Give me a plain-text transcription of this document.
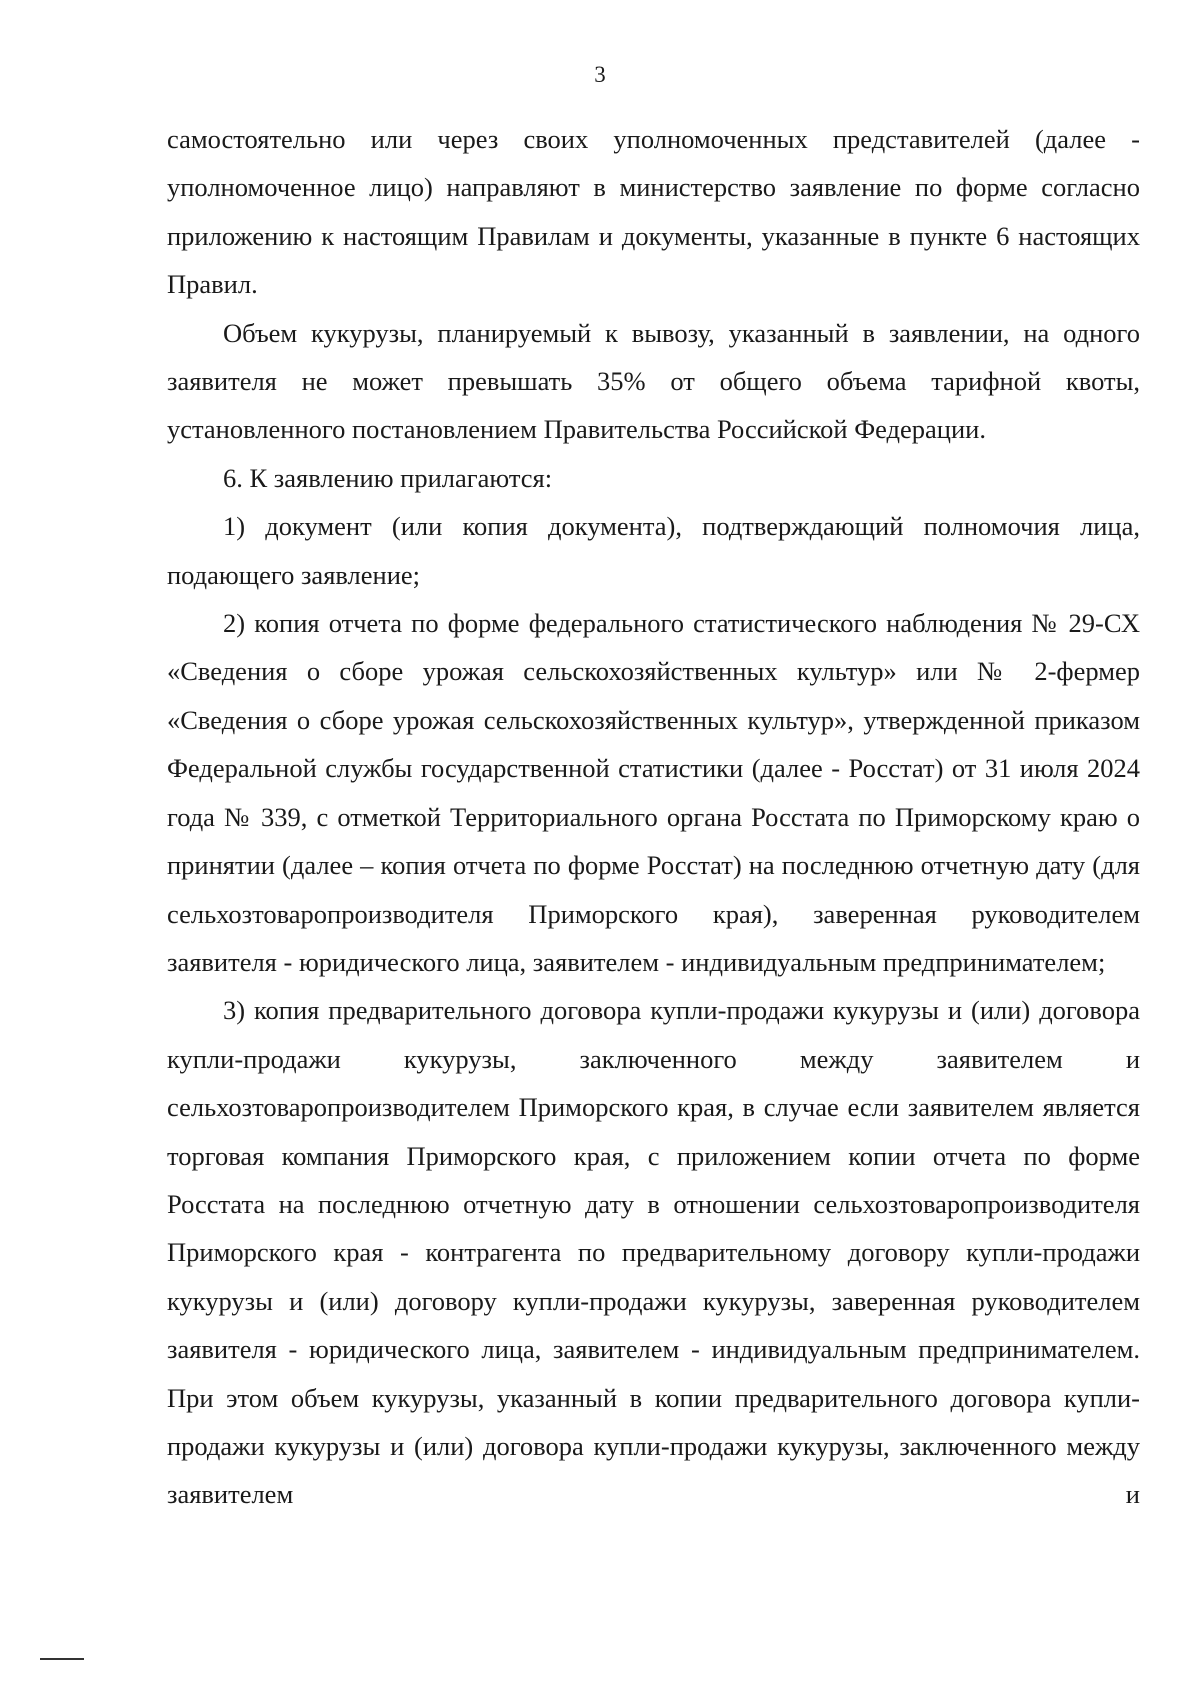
3

самостоятельно или через своих уполномоченных представителей (далее - уполномоченное лицо) направляют в министерство заявление по форме согласно приложению к настоящим Правилам и документы, указанные в пункте 6 настоящих Правил.

Объем кукурузы, планируемый к вывозу, указанный в заявлении, на одного заявителя не может превышать 35% от общего объема тарифной квоты, установленного постановлением Правительства Российской Федерации.

6. К заявлению прилагаются:

1) документ (или копия документа), подтверждающий полномочия лица, подающего заявление;

2) копия отчета по форме федерального статистического наблюдения № 29-СХ «Сведения о сборе урожая сельскохозяйственных культур» или № 2-фермер «Сведения о сборе урожая сельскохозяйственных культур», утвержденной приказом Федеральной службы государственной статистики (далее - Росстат) от 31 июля 2024 года № 339, с отметкой Территориального органа Росстата по Приморскому краю о принятии (далее – копия отчета по форме Росстат) на последнюю отчетную дату (для сельхозтоваропроизводителя Приморского края), заверенная руководителем заявителя - юридического лица, заявителем - индивидуальным предпринимателем;

3) копия предварительного договора купли-продажи кукурузы и (или) договора купли-продажи кукурузы, заключенного между заявителем и сельхозтоваропроизводителем Приморского края, в случае если заявителем является торговая компания Приморского края, с приложением копии отчета по форме Росстата на последнюю отчетную дату в отношении сельхозтоваропроизводителя Приморского края - контрагента по предварительному договору купли-продажи кукурузы и (или) договору купли-продажи кукурузы, заверенная руководителем заявителя - юридического лица, заявителем - индивидуальным предпринимателем. При этом объем кукурузы, указанный в копии предварительного договора купли-продажи кукурузы и (или) договора купли-продажи кукурузы, заключенного между заявителем и
